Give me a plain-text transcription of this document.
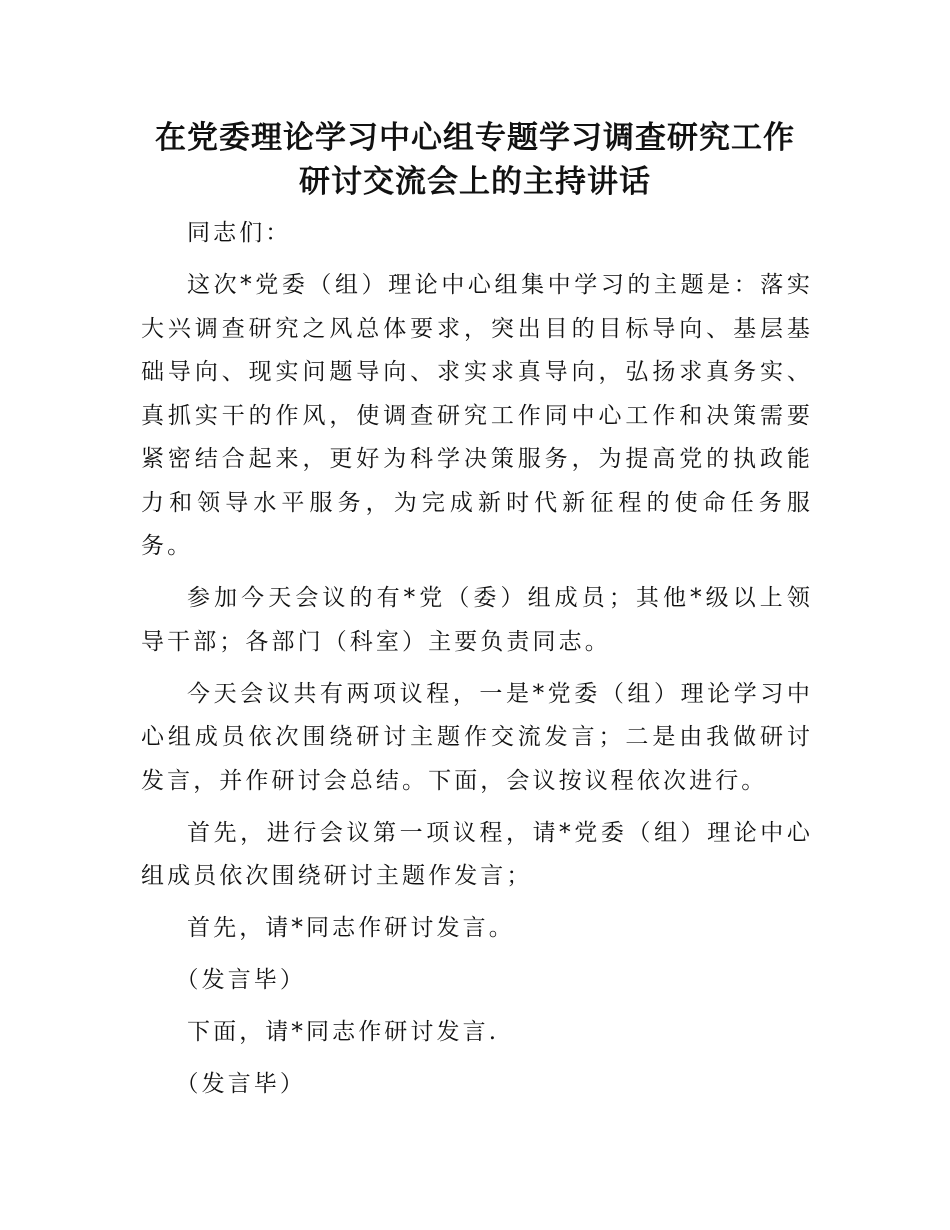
在党委理论学习中心组专题学习调查研究工作
研讨交流会上的主持讲话

同志们：

这次*党委（组）理论中心组集中学习的主题是：落实大兴调查研究之风总体要求，突出目的目标导向、基层基础导向、现实问题导向、求实求真导向，弘扬求真务实、真抓实干的作风，使调查研究工作同中心工作和决策需要紧密结合起来，更好为科学决策服务，为提高党的执政能力和领导水平服务，为完成新时代新征程的使命任务服务。

参加今天会议的有*党（委）组成员；其他*级以上领导干部；各部门（科室）主要负责同志。

今天会议共有两项议程，一是*党委（组）理论学习中心组成员依次围绕研讨主题作交流发言；二是由我做研讨发言，并作研讨会总结。下面，会议按议程依次进行。

首先，进行会议第一项议程，请*党委（组）理论中心组成员依次围绕研讨主题作发言；

首先，请*同志作研讨发言。

（发言毕）

下面，请*同志作研讨发言.

（发言毕）
